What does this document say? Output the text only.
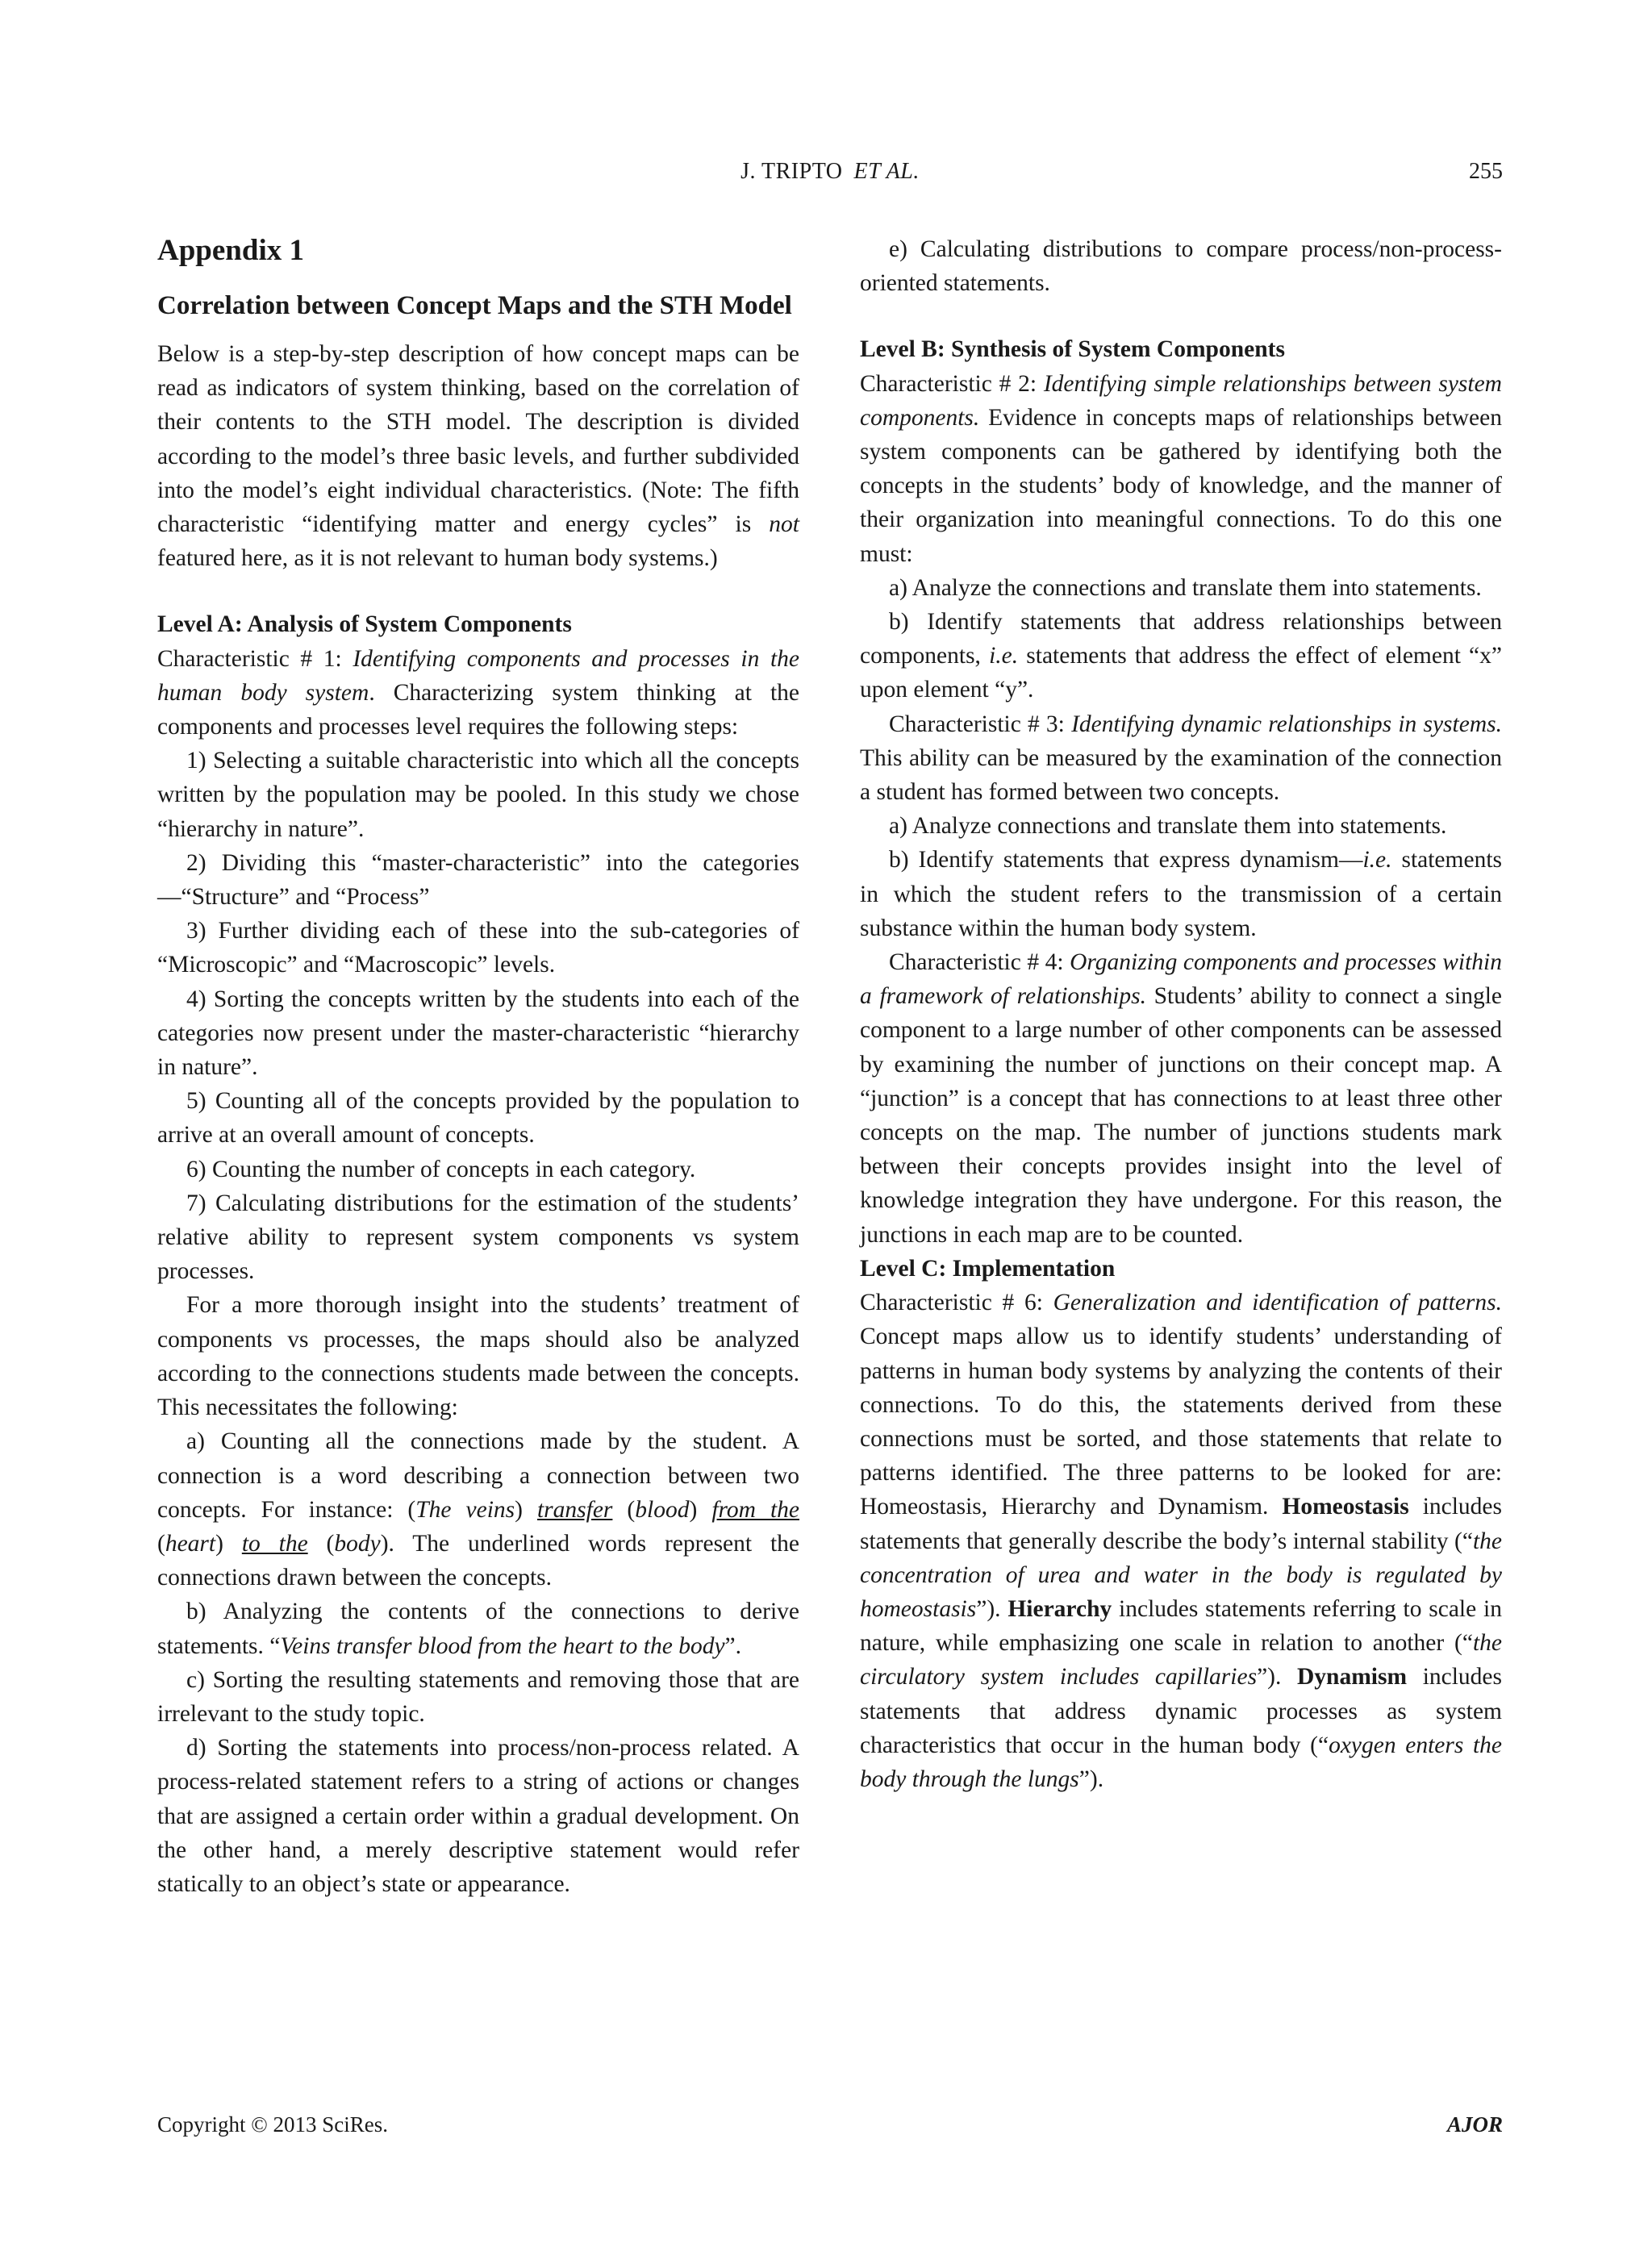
J. TRIPTO ET AL.	255
Appendix 1
Correlation between Concept Maps and the STH Model

Below is a step-by-step description of how concept maps can be read as indicators of system thinking, based on the correlation of their contents to the STH model. The description is divided according to the model’s three basic levels, and further subdivided into the model’s eight individual characteristics. (Note: The fifth characteristic “identifying matter and energy cycles” is not featured here, as it is not relevant to human body systems.)

Level A: Analysis of System Components

Characteristic # 1: Identifying components and processes in the human body system. Characterizing system thinking at the components and processes level requires the following steps:

1) Selecting a suitable characteristic into which all the concepts written by the population may be pooled. In this study we chose “hierarchy in nature”.

2) Dividing this “master-characteristic” into the categories—“Structure” and “Process”

3) Further dividing each of these into the sub-categories of “Microscopic” and “Macroscopic” levels.

4) Sorting the concepts written by the students into each of the categories now present under the master-characteristic “hierarchy in nature”.

5) Counting all of the concepts provided by the population to arrive at an overall amount of concepts.

6) Counting the number of concepts in each category.

7) Calculating distributions for the estimation of the students’ relative ability to represent system components vs system processes.

For a more thorough insight into the students’ treatment of components vs processes, the maps should also be analyzed according to the connections students made between the concepts. This necessitates the following:

a) Counting all the connections made by the student. A connection is a word describing a connection between two concepts. For instance: (The veins) transfer (blood) from the (heart) to the (body). The underlined words represent the connections drawn between the concepts.

b) Analyzing the contents of the connections to derive statements. “Veins transfer blood from the heart to the body”.

c) Sorting the resulting statements and removing those that are irrelevant to the study topic.

d) Sorting the statements into process/non-process related. A process-related statement refers to a string of actions or changes that are assigned a certain order within a gradual development. On the other hand, a merely descriptive statement would refer statically to an object’s state or appearance.

e) Calculating distributions to compare process/non-process-oriented statements.

Level B: Synthesis of System Components

Characteristic # 2: Identifying simple relationships between system components. Evidence in concepts maps of relationships between system components can be gathered by identifying both the concepts in the students’ body of knowledge, and the manner of their organization into meaningful connections. To do this one must:

a) Analyze the connections and translate them into statements.

b) Identify statements that address relationships between components, i.e. statements that address the effect of element “x” upon element “y”.

Characteristic # 3: Identifying dynamic relationships in systems. This ability can be measured by the examination of the connection a student has formed between two concepts.

a) Analyze connections and translate them into statements.

b) Identify statements that express dynamism—i.e. statements in which the student refers to the transmission of a certain substance within the human body system.

Characteristic # 4: Organizing components and processes within a framework of relationships. Students’ ability to connect a single component to a large number of other components can be assessed by examining the number of junctions on their concept map. A “junction” is a concept that has connections to at least three other concepts on the map. The number of junctions students mark between their concepts provides insight into the level of knowledge integration they have undergone. For this reason, the junctions in each map are to be counted.

Level C: Implementation

Characteristic # 6: Generalization and identification of patterns. Concept maps allow us to identify students’ understanding of patterns in human body systems by analyzing the contents of their connections. To do this, the statements derived from these connections must be sorted, and those statements that relate to patterns identified. The three patterns to be looked for are: Homeostasis, Hierarchy and Dynamism. Homeostasis includes statements that generally describe the body’s internal stability (“the concentration of urea and water in the body is regulated by homeostasis”). Hierarchy includes statements referring to scale in nature, while emphasizing one scale in relation to another (“the circulatory system includes capillaries”). Dynamism includes statements that address dynamic processes as system characteristics that occur in the human body (“oxygen enters the body through the lungs”).

Copyright © 2013 SciRes.	AJOR
